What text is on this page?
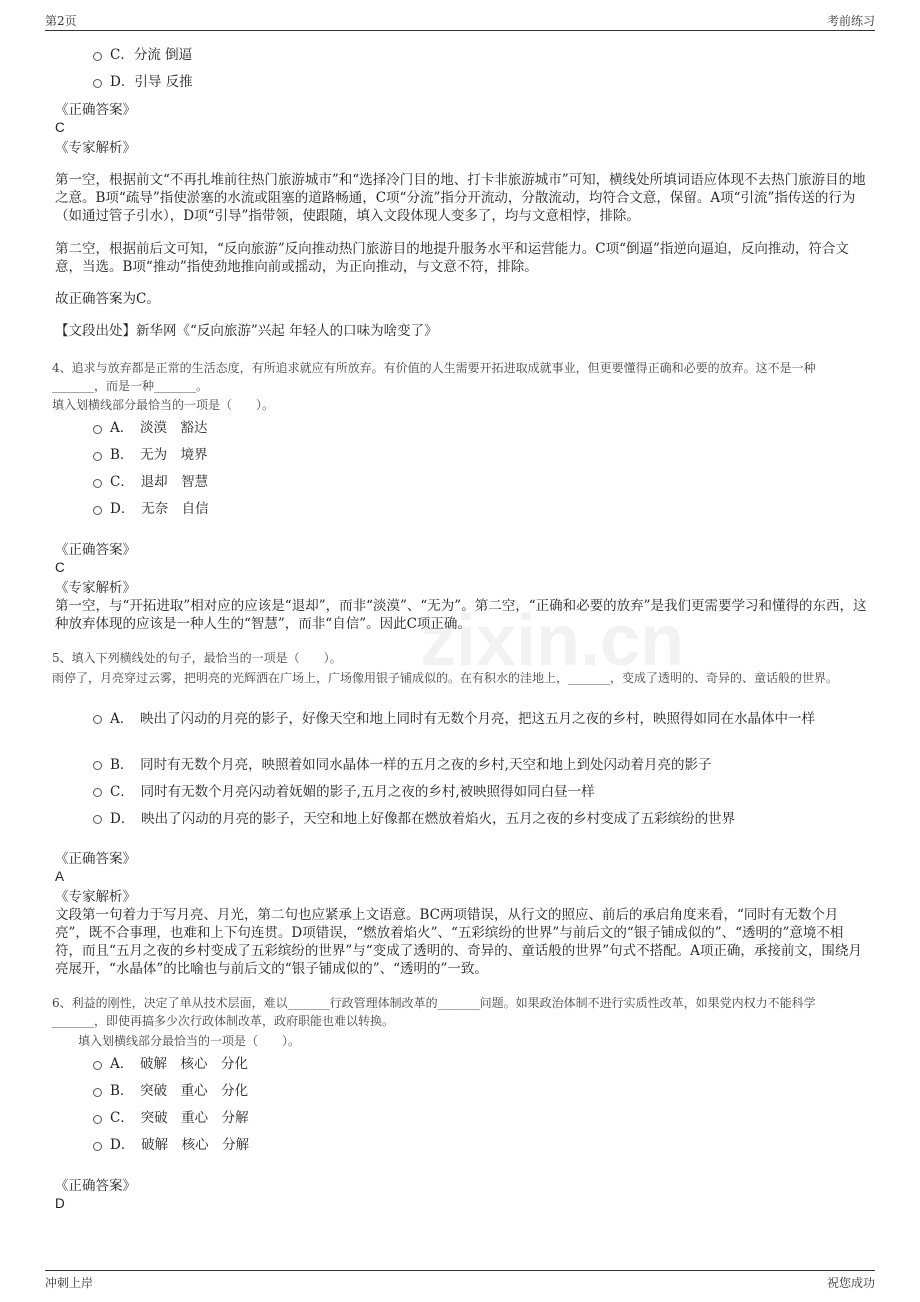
第2页	考前练习
zixin.cn
C．分流 倒逼
D．引导 反推
《正确答案》
C
《专家解析》
第一空，根据前文“不再扎堆前往热门旅游城市”和“选择冷门目的地、打卡非旅游城市”可知，横线处所填词语应体现不去热门旅游目的地之意。B项“疏导”指使淤塞的水流或阻塞的道路畅通，C项“分流”指分开流动，分散流动，均符合文意，保留。A项“引流”指传送的行为（如通过管子引水），D项“引导”指带领，使跟随，填入文段体现人变多了，均与文意相悖，排除。
第二空，根据前后文可知，“反向旅游”反向推动热门旅游目的地提升服务水平和运营能力。C项“倒逼”指逆向逼迫，反向推动，符合文意，当选。B项“推动”指使劲地推向前或摇动，为正向推动，与文意不符，排除。
故正确答案为C。
【文段出处】新华网《“反向旅游”兴起 年轻人的口味为啥变了》
4、追求与放弃都是正常的生活态度，有所追求就应有所放弃。有价值的人生需要开拓进取成就事业，但更要懂得正确和必要的放弃。这不是一种_______，而是一种_______。
填入划横线部分最恰当的一项是（　　）。
A．　淡漠　豁达
B．　无为　境界
C．　退却　智慧
D．　无奈　自信
《正确答案》
C
《专家解析》
第一空，与“开拓进取”相对应的应该是“退却”，而非“淡漠”、“无为”。第二空，“正确和必要的放弃”是我们更需要学习和懂得的东西，这种放弃体现的应该是一种人生的“智慧”，而非“自信”。因此C项正确。
5、填入下列横线处的句子，最恰当的一项是（　　）。
雨停了，月亮穿过云雾，把明亮的光辉洒在广场上，广场像用银子铺成似的。在有积水的洼地上，_______，变成了透明的、奇异的、童话般的世界。
A．　映出了闪动的月亮的影子，好像天空和地上同时有无数个月亮，把这五月之夜的乡村，映照得如同在水晶体中一样
B．　同时有无数个月亮，映照着如同水晶体一样的五月之夜的乡村,天空和地上到处闪动着月亮的影子
C．　同时有无数个月亮闪动着妩媚的影子,五月之夜的乡村,被映照得如同白昼一样
D．　映出了闪动的月亮的影子，天空和地上好像都在燃放着焰火，五月之夜的乡村变成了五彩缤纷的世界
《正确答案》
A
《专家解析》
文段第一句着力于写月亮、月光，第二句也应紧承上文语意。BC两项错误，从行文的照应、前后的承启角度来看，“同时有无数个月亮”，既不合事理，也难和上下句连贯。D项错误，“燃放着焰火”、“五彩缤纷的世界”与前后文的“银子铺成似的”、“透明的”意境不相符，而且“五月之夜的乡村变成了五彩缤纷的世界”与“变成了透明的、奇异的、童话般的世界”句式不搭配。A项正确，承接前文，围绕月亮展开，“水晶体”的比喻也与前后文的“银子铺成似的”、“透明的”一致。
6、利益的刚性，决定了单从技术层面，难以_______行政管理体制改革的_______问题。如果政治体制不进行实质性改革，如果党内权力不能科学_______，即使再搞多少次行政体制改革，政府职能也难以转换。
填入划横线部分最恰当的一项是（　　）。
A．　破解　核心　分化
B．　突破　重心　分化
C．　突破　重心　分解
D．　破解　核心　分解
《正确答案》
D
冲刺上岸	祝您成功
